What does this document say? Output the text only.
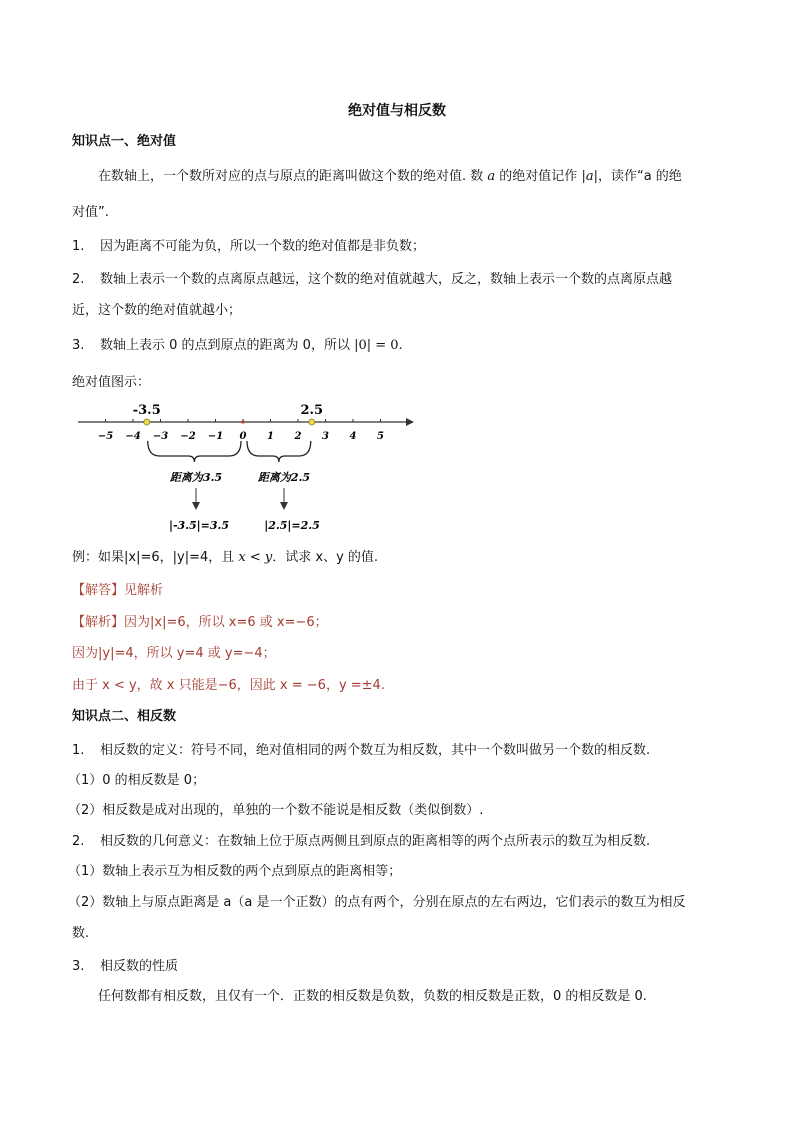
绝对值与相反数
知识点一、绝对值
在数轴上，一个数所对应的点与原点的距离叫做这个数的绝对值. 数 a 的绝对值记作 |a|，读作“a 的绝
对值”.
1. 因为距离不可能为负，所以一个数的绝对值都是非负数；
2. 数轴上表示一个数的点离原点越远，这个数的绝对值就越大，反之，数轴上表示一个数的点离原点越
近，这个数的绝对值就越小；
3. 数轴上表示 0 的点到原点的距离为 0，所以 |0| = 0.
绝对值图示：
−5 −4 −3 −2 −1 0 1 2 3 4 5
-3.5	2.5
距离为3.5	距离为2.5
|-3.5|=3.5	|2.5|=2.5
例：如果|x|=6，|y|=4，且 x < y．试求 x、y 的值.
【解答】见解析
【解析】因为|x|=6，所以 x=6 或 x=−6；
因为|y|=4，所以 y=4 或 y=−4；
由于 x < y，故 x 只能是−6，因此 x = −6，y =±4.
知识点二、相反数
1. 相反数的定义：符号不同，绝对值相同的两个数互为相反数，其中一个数叫做另一个数的相反数.
（1）0 的相反数是 0；
（2）相反数是成对出现的，单独的一个数不能说是相反数（类似倒数）.
2. 相反数的几何意义：在数轴上位于原点两侧且到原点的距离相等的两个点所表示的数互为相反数.
（1）数轴上表示互为相反数的两个点到原点的距离相等；
（2）数轴上与原点距离是 a（a 是一个正数）的点有两个，分别在原点的左右两边，它们表示的数互为相反
数.
3. 相反数的性质
任何数都有相反数，且仅有一个．正数的相反数是负数，负数的相反数是正数，0 的相反数是 0.
